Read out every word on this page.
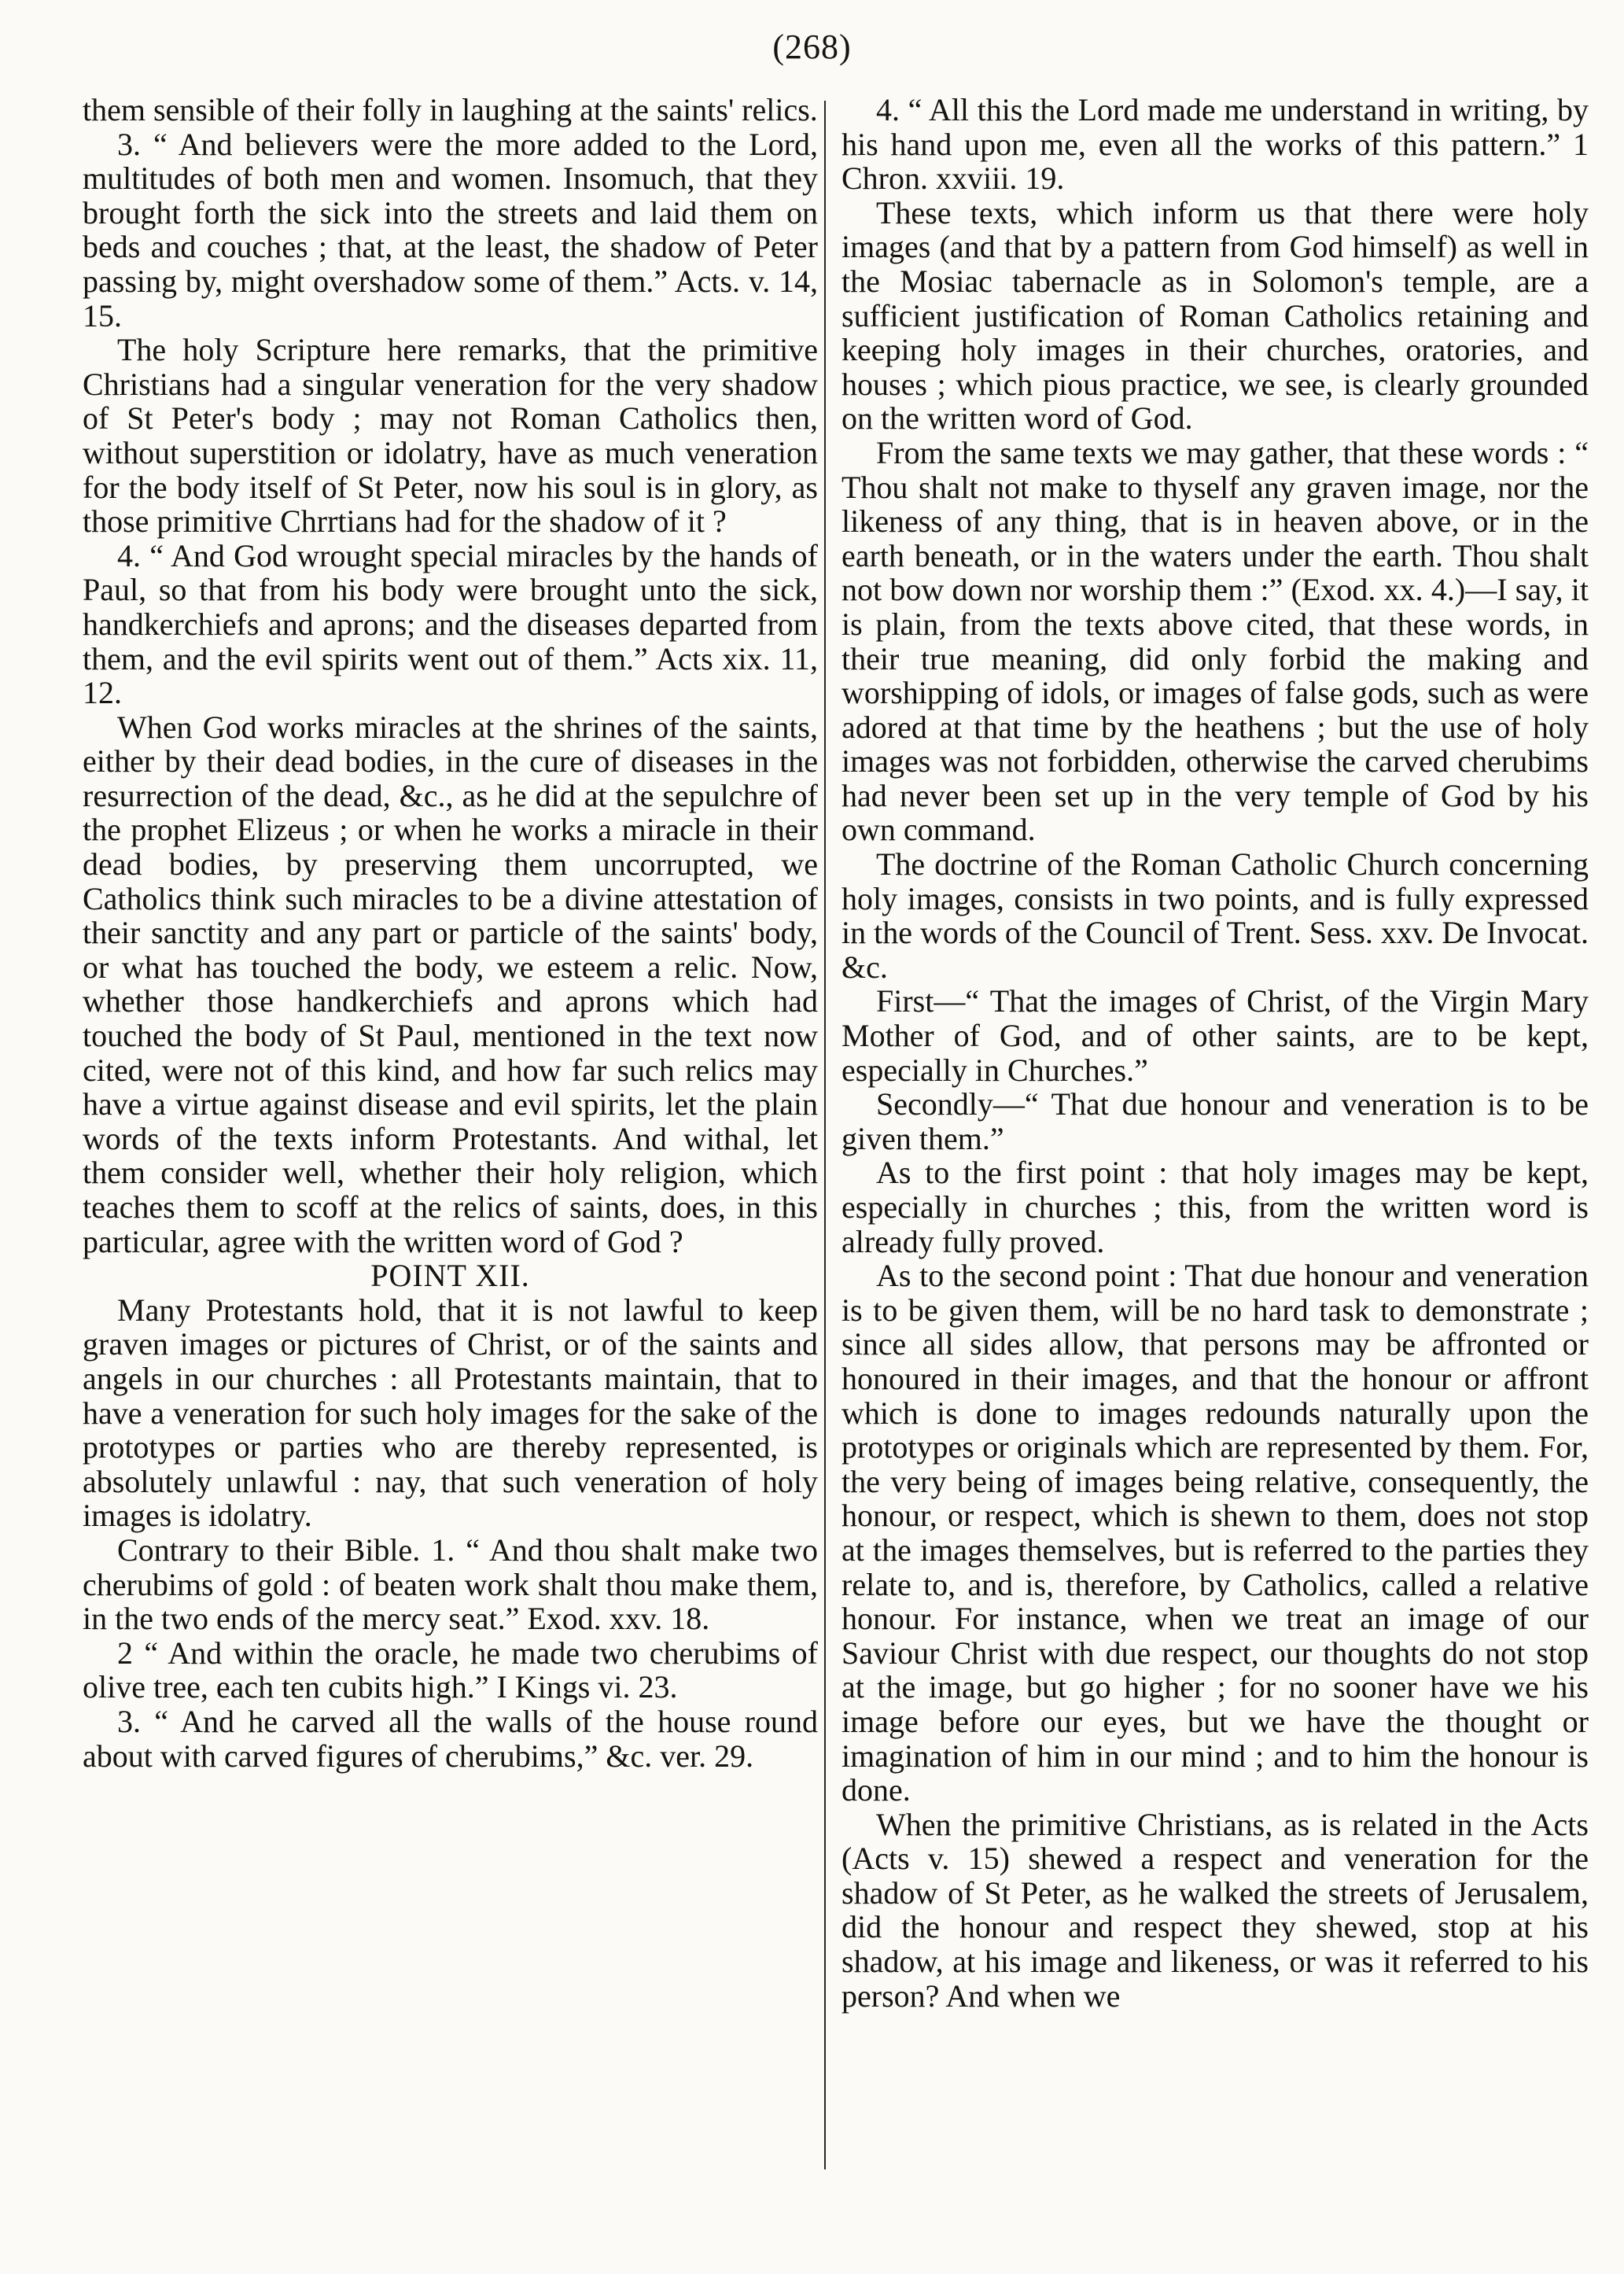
(268)

them sensible of their folly in laughing at the saints' relics.

3. “ And believers were the more added to the Lord, multitudes of both men and women. Insomuch, that they brought forth the sick into the streets and laid them on beds and couches ; that, at the least, the shadow of Peter passing by, might overshadow some of them.” Acts. v. 14, 15.

The holy Scripture here remarks, that the primitive Christians had a singular veneration for the very shadow of St Peter's body ; may not Roman Catholics then, without superstition or idolatry, have as much veneration for the body itself of St Peter, now his soul is in glory, as those primitive Chrrtians had for the shadow of it ?

4. “ And God wrought special miracles by the hands of Paul, so that from his body were brought unto the sick, handkerchiefs and aprons; and the diseases departed from them, and the evil spirits went out of them.” Acts xix. 11, 12.

When God works miracles at the shrines of the saints, either by their dead bodies, in the cure of diseases in the resurrection of the dead, &c., as he did at the sepulchre of the prophet Elizeus ; or when he works a miracle in their dead bodies, by preserving them uncorrupted, we Catholics think such miracles to be a divine attestation of their sanctity and any part or particle of the saints' body, or what has touched the body, we esteem a relic. Now, whether those handkerchiefs and aprons which had touched the body of St Paul, mentioned in the text now cited, were not of this kind, and how far such relics may have a virtue against disease and evil spirits, let the plain words of the texts inform Protestants. And withal, let them consider well, whether their holy religion, which teaches them to scoff at the relics of saints, does, in this particular, agree with the written word of God ?

POINT XII.

Many Protestants hold, that it is not lawful to keep graven images or pictures of Christ, or of the saints and angels in our churches : all Protestants maintain, that to have a veneration for such holy images for the sake of the prototypes or parties who are thereby represented, is absolutely unlawful : nay, that such veneration of holy images is idolatry.

Contrary to their Bible. 1. “ And thou shalt make two cherubims of gold : of beaten work shalt thou make them, in the two ends of the mercy seat.” Exod. xxv. 18.

2 “ And within the oracle, he made two cherubims of olive tree, each ten cubits high.” I Kings vi. 23.

3. “ And he carved all the walls of the house round about with carved figures of cherubims,” &c. ver. 29.

4. “ All this the Lord made me understand in writing, by his hand upon me, even all the works of this pattern.” 1 Chron. xxviii. 19.

These texts, which inform us that there were holy images (and that by a pattern from God himself) as well in the Mosiac tabernacle as in Solomon's temple, are a sufficient justification of Roman Catholics retaining and keeping holy images in their churches, oratories, and houses ; which pious practice, we see, is clearly grounded on the written word of God.

From the same texts we may gather, that these words : “ Thou shalt not make to thyself any graven image, nor the likeness of any thing, that is in heaven above, or in the earth beneath, or in the waters under the earth. Thou shalt not bow down nor worship them :” (Exod. xx. 4.)—I say, it is plain, from the texts above cited, that these words, in their true meaning, did only forbid the making and worshipping of idols, or images of false gods, such as were adored at that time by the heathens ; but the use of holy images was not forbidden, otherwise the carved cherubims had never been set up in the very temple of God by his own command.

The doctrine of the Roman Catholic Church concerning holy images, consists in two points, and is fully expressed in the words of the Council of Trent. Sess. xxv. De Invocat. &c.

First—“ That the images of Christ, of the Virgin Mary Mother of God, and of other saints, are to be kept, especially in Churches.”

Secondly—“ That due honour and veneration is to be given them.”

As to the first point : that holy images may be kept, especially in churches ; this, from the written word is already fully proved.

As to the second point : That due honour and veneration is to be given them, will be no hard task to demonstrate ; since all sides allow, that persons may be affronted or honoured in their images, and that the honour or affront which is done to images redounds naturally upon the prototypes or originals which are represented by them. For, the very being of images being relative, consequently, the honour, or respect, which is shewn to them, does not stop at the images themselves, but is referred to the parties they relate to, and is, therefore, by Catholics, called a relative honour. For instance, when we treat an image of our Saviour Christ with due respect, our thoughts do not stop at the image, but go higher ; for no sooner have we his image before our eyes, but we have the thought or imagination of him in our mind ; and to him the honour is done.

When the primitive Christians, as is related in the Acts (Acts v. 15) shewed a respect and veneration for the shadow of St Peter, as he walked the streets of Jerusalem, did the honour and respect they shewed, stop at his shadow, at his image and likeness, or was it referred to his person? And when we
